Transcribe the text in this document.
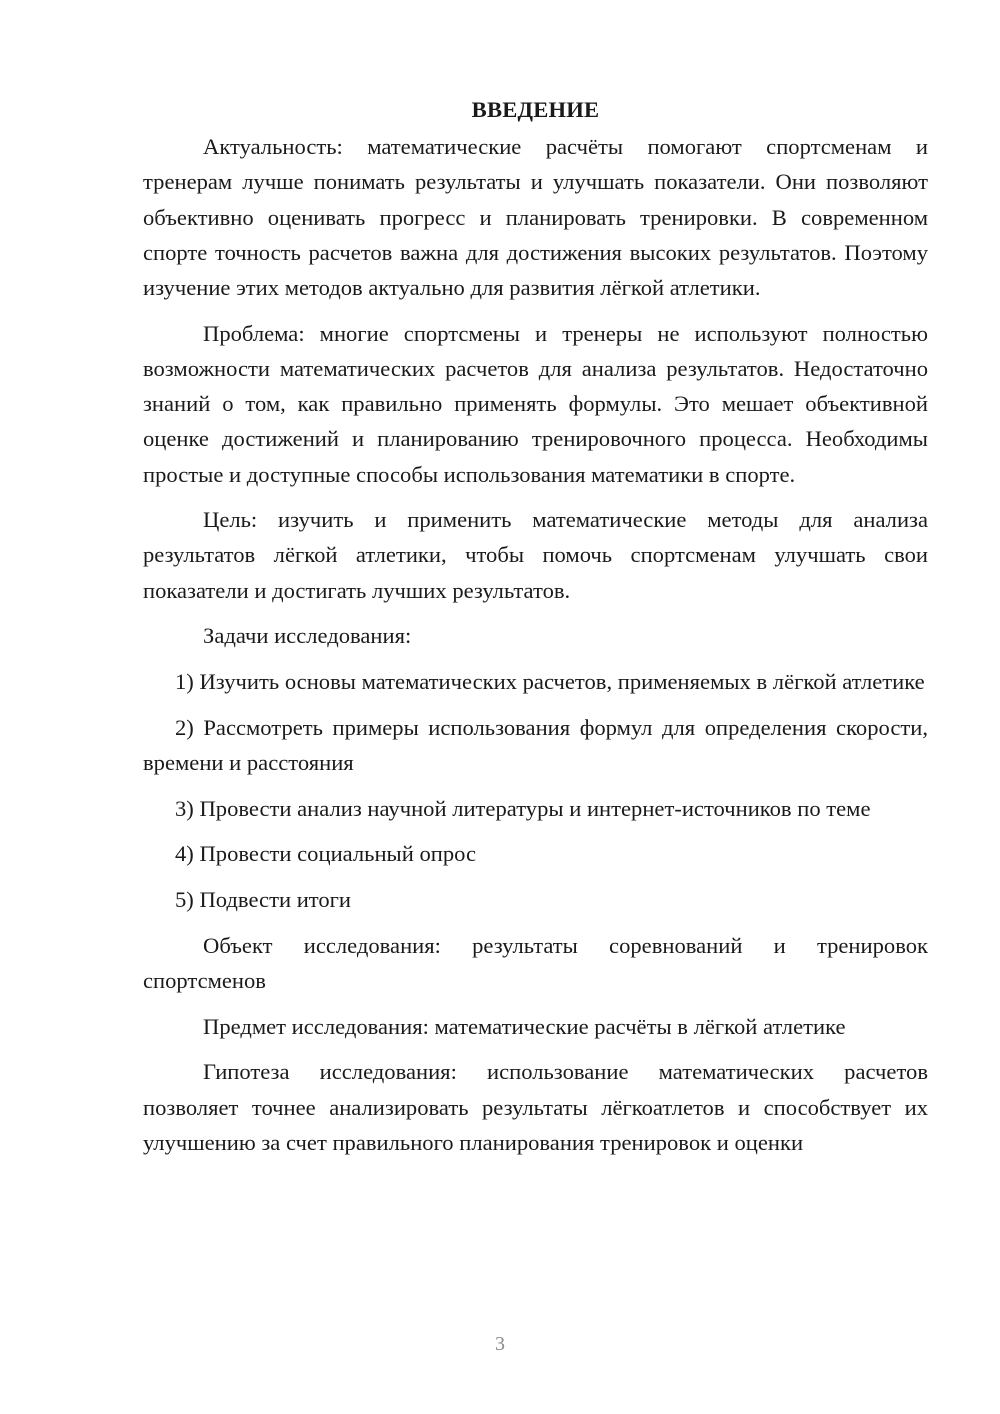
ВВЕДЕНИЕ

Актуальность: математические расчёты помогают спортсменам и тренерам лучше понимать результаты и улучшать показатели. Они позволяют объективно оценивать прогресс и планировать тренировки. В современном спорте точность расчетов важна для достижения высоких результатов. Поэтому изучение этих методов актуально для развития лёгкой атлетики.

Проблема: многие спортсмены и тренеры не используют полностью возможности математических расчетов для анализа результатов. Недостаточно знаний о том, как правильно применять формулы. Это мешает объективной оценке достижений и планированию тренировочного процесса. Необходимы простые и доступные способы использования математики в спорте.

Цель: изучить и применить математические методы для анализа результатов лёгкой атлетики, чтобы помочь спортсменам улучшать свои показатели и достигать лучших результатов.

Задачи исследования:

1) Изучить основы математических расчетов, применяемых в лёгкой атлетике

2) Рассмотреть примеры использования формул для определения скорости, времени и расстояния

3) Провести анализ научной литературы и интернет-источников по теме

4) Провести социальный опрос

5) Подвести итоги

Объект исследования: результаты соревнований и тренировок спортсменов

Предмет исследования: математические расчёты в лёгкой атлетике

Гипотеза исследования: использование математических расчетов позволяет точнее анализировать результаты лёгкоатлетов и способствует их улучшению за счет правильного планирования тренировок и оценки

3
